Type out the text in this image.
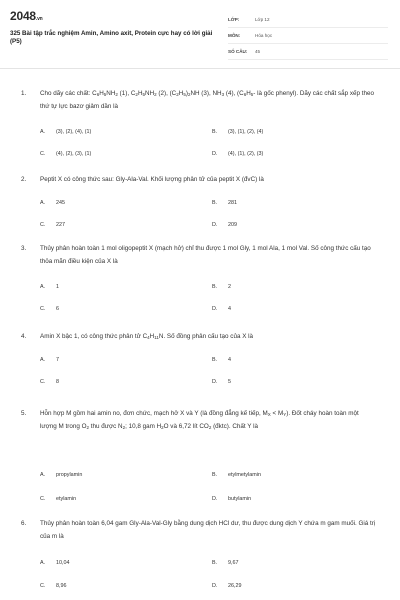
2048.vn
325 Bài tập trắc nghiệm Amin, Amino axit, Protein cực hay có lời giải (P5)
LỚP:	Lớp 12
MÔN:	Hóa học
SỐ CÂU:	45
1. Cho dãy các chất: $C_6H_5NH_2$ (1), $C_2H_5NH_2$ (2), $(C_2H_5)_2NH$ (3), $NH_3$ (4), ($C_6H_5-$ là gốc phenyl). Dãy các chất sắp xếp theo thứ tự lực bazơ giảm dần là
A. (3), (2), (4), (1)	B. (3), (1), (2), (4)
C. (4), (2), (3), (1)	D. (4), (1), (2), (3)
2. Peptit X có công thức sau: Gly-Ala-Val. Khối lượng phân tử của peptit X (đvC) là
A. 245	B. 281
C. 227	D. 209
3. Thủy phân hoàn toàn 1 mol oligopeptit X (mạch hở) chỉ thu được 1 mol Gly, 1 mol Ala, 1 mol Val. Số công thức cấu tạo thỏa mãn điều kiện của X là
A. 1	B. 2
C. 6	D. 4
4. Amin X bậc 1, có công thức phân tử $C_4H_{11}N$. Số đồng phân cấu tạo của X là
A. 7	B. 4
C. 8	D. 5
5. Hỗn hợp M gồm hai amin no, đơn chức, mạch hở X và Y (là đồng đẳng kế tiếp, $M_X < M_Y$). Đốt cháy hoàn toàn một lượng M trong $O_2$ thu được $N_2$; 10,8 gam $H_2O$ và 6,72 lít $CO_2$ (đktc). Chất Y là
A. propylamin	B. etylmetylamin
C. etylamin	D. butylamin
6. Thủy phân hoàn toàn 6,04 gam Gly-Ala-Val-Gly bằng dung dịch HCl dư, thu được dung dịch Y chứa m gam muối. Giá trị của m là
A. 10,04	B. 9,67
C. 8,96	D. 26,29
